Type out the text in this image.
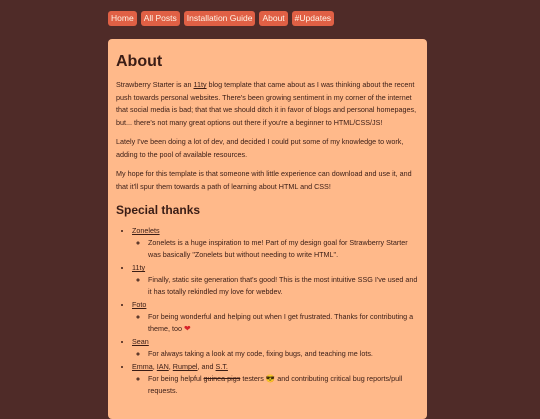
Home	All Posts	Installation Guide	About	#Updates
About

Strawberry Starter is an 11ty blog template that came about as I was thinking about the recent push towards personal websites. There's been growing sentiment in my corner of the internet that social media is bad; that that we should ditch it in favor of blogs and personal homepages, but... there's not many great options out there if you're a beginner to HTML/CSS/JS!

Lately I've been doing a lot of dev, and decided I could put some of my knowledge to work, adding to the pool of available resources.

My hope for this template is that someone with little experience can download and use it, and that it'll spur them towards a path of learning about HTML and CSS!

Special thanks
• Zonelets
◦ Zonelets is a huge inspiration to me! Part of my design goal for Strawberry Starter was basically "Zonelets but without needing to write HTML".
• 11ty
◦ Finally, static site generation that's good! This is the most intuitive SSG I've used and it has totally rekindled my love for webdev.
• Foto
◦ For being wonderful and helping out when I get frustrated. Thanks for contributing a theme, too ❤
• Sean
◦ For always taking a look at my code, fixing bugs, and teaching me lots.
• Emma, IAN, Rumpel, and S.T.
◦ For being helpful guinea pigs testers 😎 and contributing critical bug reports/pull requests.
